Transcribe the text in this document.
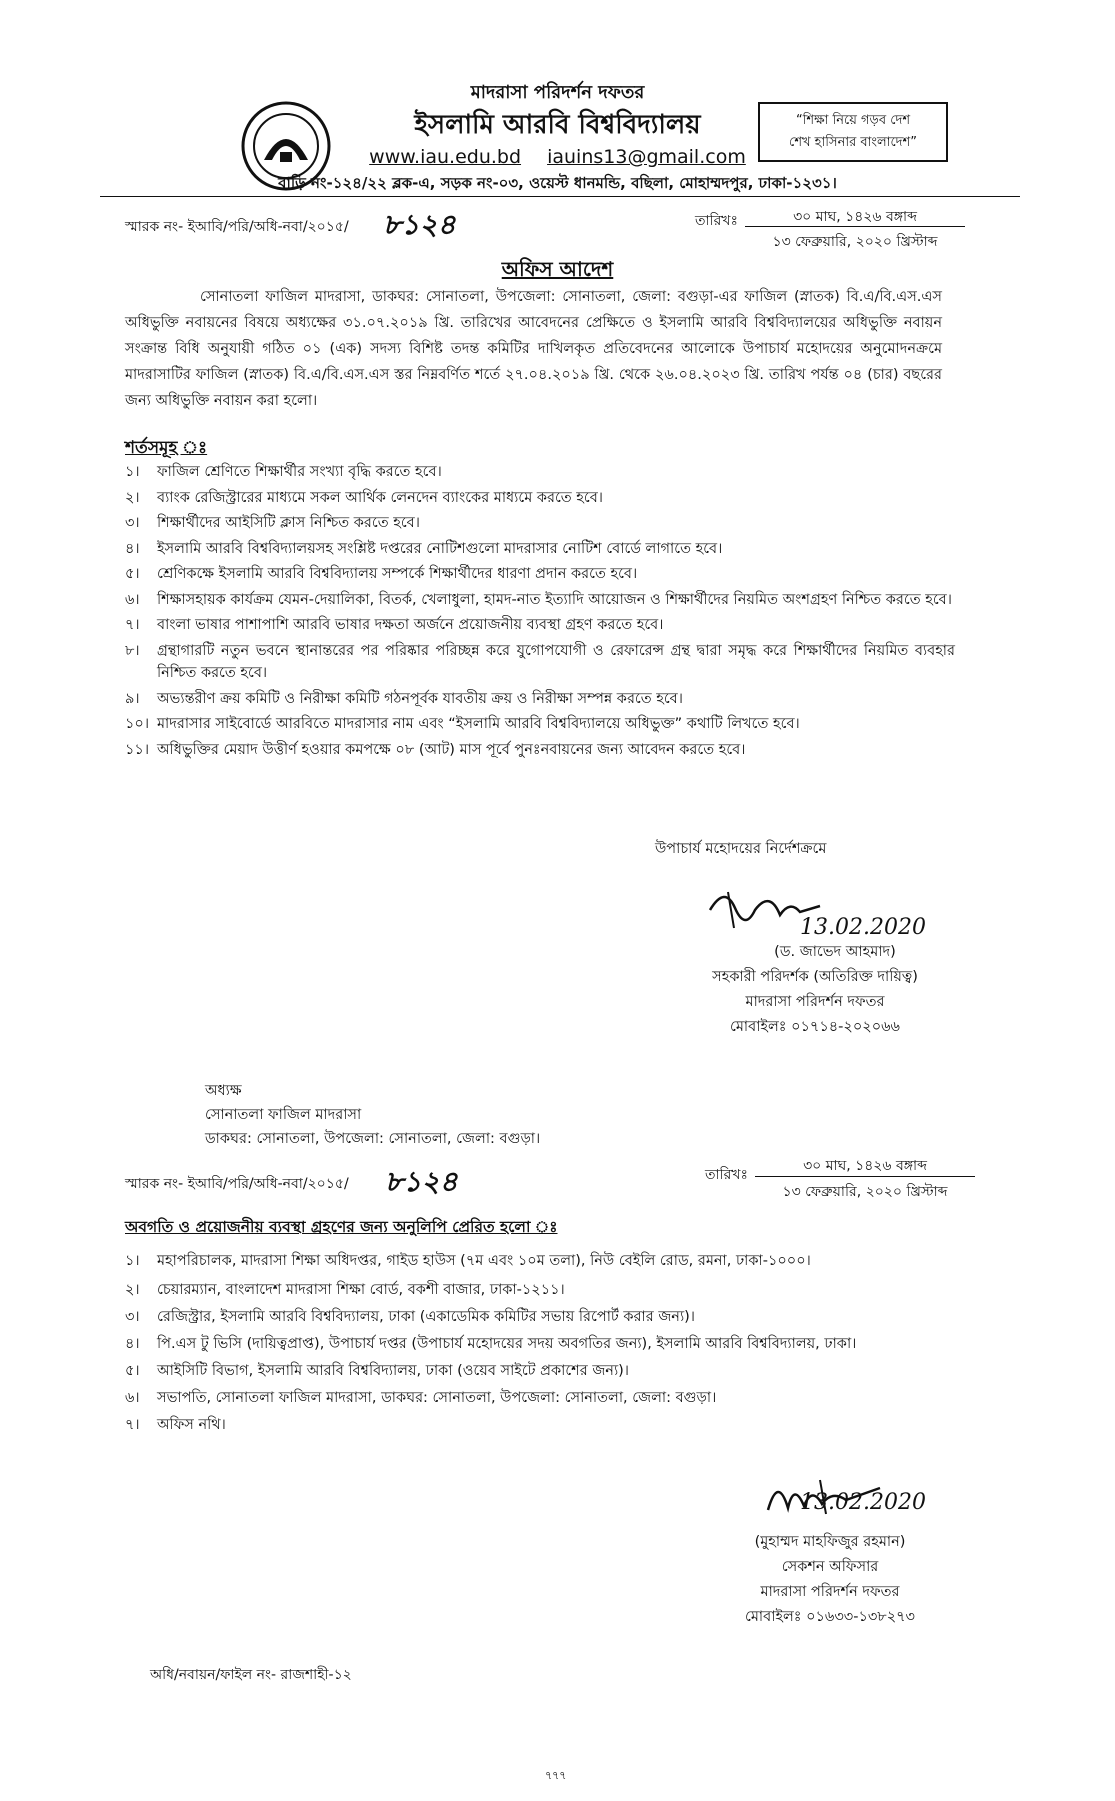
মাদরাসা পরিদর্শন দফতর
ইসলামি আরবি বিশ্ববিদ্যালয়
www.iau.edu.bd iauins13@gmail.com
বাড়ি নং-১২৪/২২ ব্লক-এ, সড়ক নং-০৩, ওয়েস্ট ধানমন্ডি, বছিলা, মোহাম্মদপুর, ঢাকা-১২৩১।
“শিক্ষা নিয়ে গড়ব দেশ
শেখ হাসিনার বাংলাদেশ”
স্মারক নং- ইআবি/পরি/অধি-নবা/২০১৫/ ৮১২৪	তারিখঃ	৩০ মাঘ, ১৪২৬ বঙ্গাব্দ
১৩ ফেব্রুয়ারি, ২০২০ খ্রিস্টাব্দ
অফিস আদেশ
সোনাতলা ফাজিল মাদরাসা, ডাকঘর: সোনাতলা, উপজেলা: সোনাতলা, জেলা: বগুড়া-এর ফাজিল (স্নাতক) বি.এ/বি.এস.এস অধিভুক্তি নবায়নের বিষয়ে অধ্যক্ষের ৩১.০৭.২০১৯ খ্রি. তারিখের আবেদনের প্রেক্ষিতে ও ইসলামি আরবি বিশ্ববিদ্যালয়ের অধিভুক্তি নবায়ন সংক্রান্ত বিধি অনুযায়ী গঠিত ০১ (এক) সদস্য বিশিষ্ট তদন্ত কমিটির দাখিলকৃত প্রতিবেদনের আলোকে উপাচার্য মহোদয়ের অনুমোদনক্রমে মাদরাসাটির ফাজিল (স্নাতক) বি.এ/বি.এস.এস স্তর নিম্নবর্ণিত শর্তে ২৭.০৪.২০১৯ খ্রি. থেকে ২৬.০৪.২০২৩ খ্রি. তারিখ পর্যন্ত ০৪ (চার) বছরের জন্য অধিভুক্তি নবায়ন করা হলো।
শর্তসমূহ ঃ
১।	ফাজিল শ্রেণিতে শিক্ষার্থীর সংখ্যা বৃদ্ধি করতে হবে।
২।	ব্যাংক রেজিস্ট্রারের মাধ্যমে সকল আর্থিক লেনদেন ব্যাংকের মাধ্যমে করতে হবে।
৩।	শিক্ষার্থীদের আইসিটি ক্লাস নিশ্চিত করতে হবে।
৪।	ইসলামি আরবি বিশ্ববিদ্যালয়সহ সংশ্লিষ্ট দপ্তরের নোটিশগুলো মাদরাসার নোটিশ বোর্ডে লাগাতে হবে।
৫।	শ্রেণিকক্ষে ইসলামি আরবি বিশ্ববিদ্যালয় সম্পর্কে শিক্ষার্থীদের ধারণা প্রদান করতে হবে।
৬।	শিক্ষাসহায়ক কার্যক্রম যেমন-দেয়ালিকা, বিতর্ক, খেলাধুলা, হামদ-নাত ইত্যাদি আয়োজন ও শিক্ষার্থীদের নিয়মিত অংশগ্রহণ নিশ্চিত করতে হবে।
৭।	বাংলা ভাষার পাশাপাশি আরবি ভাষার দক্ষতা অর্জনে প্রয়োজনীয় ব্যবস্থা গ্রহণ করতে হবে।
৮।	গ্রন্থাগারটি নতুন ভবনে স্থানান্তরের পর পরিষ্কার পরিচ্ছন্ন করে যুগোপযোগী ও রেফারেন্স গ্রন্থ দ্বারা সমৃদ্ধ করে শিক্ষার্থীদের নিয়মিত ব্যবহার নিশ্চিত করতে হবে।
৯।	অভ্যন্তরীণ ক্রয় কমিটি ও নিরীক্ষা কমিটি গঠনপূর্বক যাবতীয় ক্রয় ও নিরীক্ষা সম্পন্ন করতে হবে।
১০। মাদরাসার সাইবোর্ডে আরবিতে মাদরাসার নাম এবং “ইসলামি আরবি বিশ্ববিদ্যালয়ে অধিভুক্ত” কথাটি লিখতে হবে।
১১। অধিভুক্তির মেয়াদ উত্তীর্ণ হওয়ার কমপক্ষে ০৮ (আট) মাস পূর্বে পুনঃনবায়নের জন্য আবেদন করতে হবে।
উপাচার্য মহোদয়ের নির্দেশক্রমে
13.02.2020
(ড. জাভেদ আহমাদ)
সহকারী পরিদর্শক (অতিরিক্ত দায়িত্ব)
মাদরাসা পরিদর্শন দফতর
মোবাইলঃ ০১৭১৪-২০২০৬৬
অধ্যক্ষ
সোনাতলা ফাজিল মাদরাসা
ডাকঘর: সোনাতলা, উপজেলা: সোনাতলা, জেলা: বগুড়া।
স্মারক নং- ইআবি/পরি/অধি-নবা/২০১৫/ ৮১২৪	তারিখঃ
৩০ মাঘ, ১৪২৬ বঙ্গাব্দ
১৩ ফেব্রুয়ারি, ২০২০ খ্রিস্টাব্দ
অবগতি ও প্রয়োজনীয় ব্যবস্থা গ্রহণের জন্য অনুলিপি প্রেরিত হলো ঃ
১।	মহাপরিচালক, মাদরাসা শিক্ষা অধিদপ্তর, গাইড হাউস (৭ম এবং ১০ম তলা), নিউ বেইলি রোড, রমনা, ঢাকা-১০০০।
২।	চেয়ারম্যান, বাংলাদেশ মাদরাসা শিক্ষা বোর্ড, বকশী বাজার, ঢাকা-১২১১।
৩।	রেজিস্ট্রার, ইসলামি আরবি বিশ্ববিদ্যালয়, ঢাকা (একাডেমিক কমিটির সভায় রিপোর্ট করার জন্য)।
৪।	পি.এস টু ভিসি (দায়িত্বপ্রাপ্ত), উপাচার্য দপ্তর (উপাচার্য মহোদয়ের সদয় অবগতির জন্য), ইসলামি আরবি বিশ্ববিদ্যালয়, ঢাকা।
৫।	আইসিটি বিভাগ, ইসলামি আরবি বিশ্ববিদ্যালয়, ঢাকা (ওয়েব সাইটে প্রকাশের জন্য)।
৬।	সভাপতি, সোনাতলা ফাজিল মাদরাসা, ডাকঘর: সোনাতলা, উপজেলা: সোনাতলা, জেলা: বগুড়া।
৭।	অফিস নথি।
13.02.2020
(মুহাম্মদ মাহফিজুর রহমান)
সেকশন অফিসার
মাদরাসা পরিদর্শন দফতর
মোবাইলঃ ০১৬৩৩-১৩৮২৭৩
অধি/নবায়ন/ফাইল নং- রাজশাহী-১২
৭৭৭
